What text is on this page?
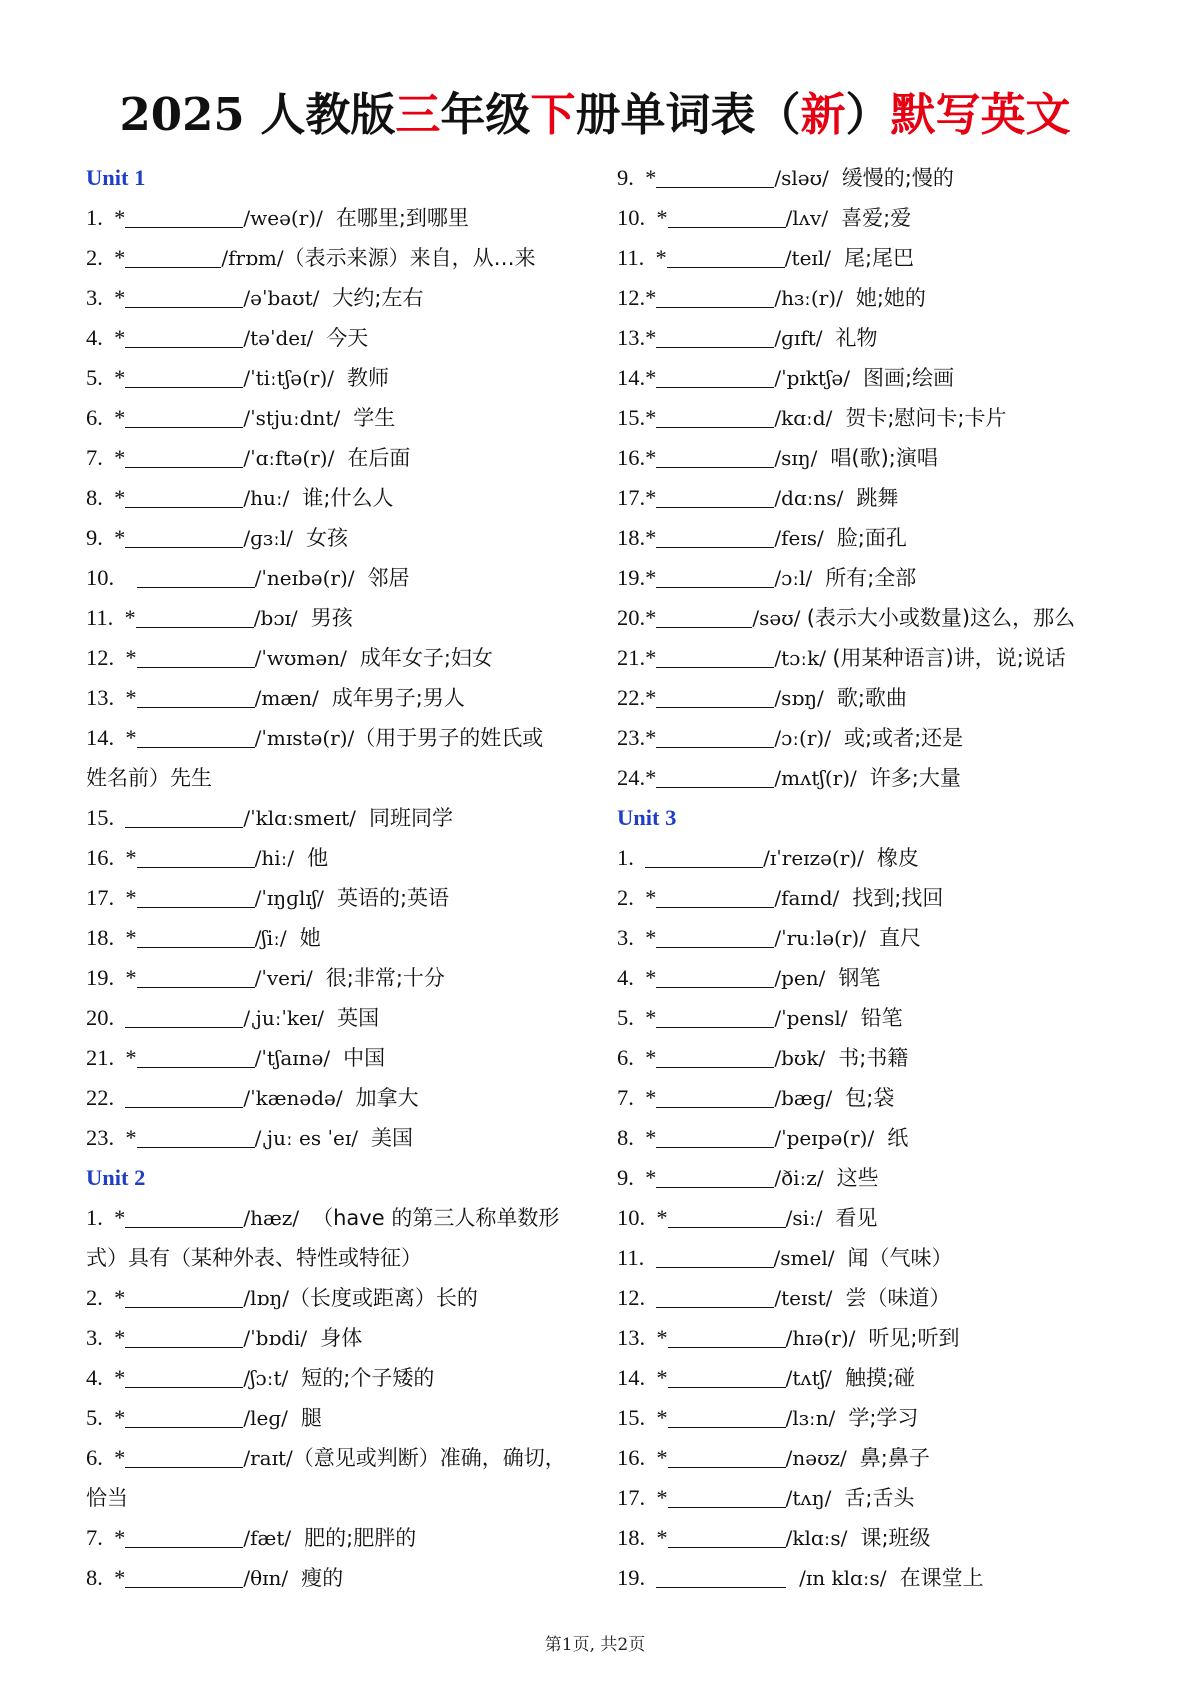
2025 人教版三年级下册单词表（新）默写英文
Unit 1
1.  *	/weə(r)/  在哪里;到哪里
2.  *	/frɒm/（表示来源）来自，从…来
3.  *	/əˈbaʊt/  大约;左右
4.  *	/təˈdeɪ/  今天
5.  *	/ˈtiːtʃə(r)/  教师
6.  *	/ˈstjuːdnt/  学生
7.  *	/ˈɑːftə(r)/  在后面
8.  *	/huː/  谁;什么人
9.  *	/ɡɜːl/  女孩
10.	/ˈneɪbə(r)/  邻居
11.  *	/bɔɪ/  男孩
12.  *	/ˈwʊmən/  成年女子;妇女
13.  *	/mæn/  成年男子;男人
14.  *	/ˈmɪstə(r)/（用于男子的姓氏或
姓名前）先生
15.	/ˈklɑːsmeɪt/  同班同学
16.  *	/hiː/  他
17.  *	/ˈɪŋɡlɪʃ/  英语的;英语
18.  *	/ʃiː/  她
19.  *	/ˈveri/  很;非常;十分
20.	/ˌjuːˈkeɪ/  英国
21.  *	/ˈtʃaɪnə/  中国
22.	/ˈkænədə/  加拿大
23.  *	/ˌjuː es ˈeɪ/  美国
Unit 2
1.  *	/hæz/  （have 的第三人称单数形
式）具有（某种外表、特性或特征）
2.  *	/lɒŋ/（长度或距离）长的
3.  *	/ˈbɒdi/  身体
4.  *	/ʃɔːt/  短的;个子矮的
5.  *	/leɡ/  腿
6.  *	/raɪt/（意见或判断）准确，确切，
恰当
7.  *	/fæt/  肥的;肥胖的
8.  *	/θɪn/  瘦的
9.  *	/sləʊ/  缓慢的;慢的
10.  *	/lʌv/  喜爱;爱
11.  *	/teɪl/  尾;尾巴
12.*	/hɜː(r)/  她;她的
13.*	/ɡɪft/  礼物
14.*	/ˈpɪktʃə/  图画;绘画
15.*	/kɑːd/  贺卡;慰问卡;卡片
16.*	/sɪŋ/  唱(歌);演唱
17.*	/dɑːns/  跳舞
18.*	/feɪs/  脸;面孔
19.*	/ɔːl/  所有;全部
20.*	/səʊ/ (表示大小或数量)这么，那么
21.*	/tɔːk/ (用某种语言)讲，说;说话
22.*	/sɒŋ/  歌;歌曲
23.*	/ɔː(r)/  或;或者;还是
24.*	/mʌtʃ(r)/  许多;大量
Unit 3
1.	/ɪˈreɪzə(r)/  橡皮
2.  *	/faɪnd/  找到;找回
3.  *	/ˈruːlə(r)/  直尺
4.  *	/pen/  钢笔
5.  *	/ˈpensl/  铅笔
6.  *	/bʊk/  书;书籍
7.  *	/bæɡ/  包;袋
8.  *	/ˈpeɪpə(r)/  纸
9.  *	/ðiːz/  这些
10.  *	/siː/  看见
11.	/smel/  闻（气味）
12.	/teɪst/  尝（味道）
13.  *	/hɪə(r)/  听见;听到
14.  *	/tʌtʃ/  触摸;碰
15.  *	/lɜːn/  学;学习
16.  *	/nəʊz/  鼻;鼻子
17.  *	/tʌŋ/  舌;舌头
18.  *	/klɑːs/  课;班级
19.	/ɪn klɑːs/  在课堂上
第1页, 共2页
